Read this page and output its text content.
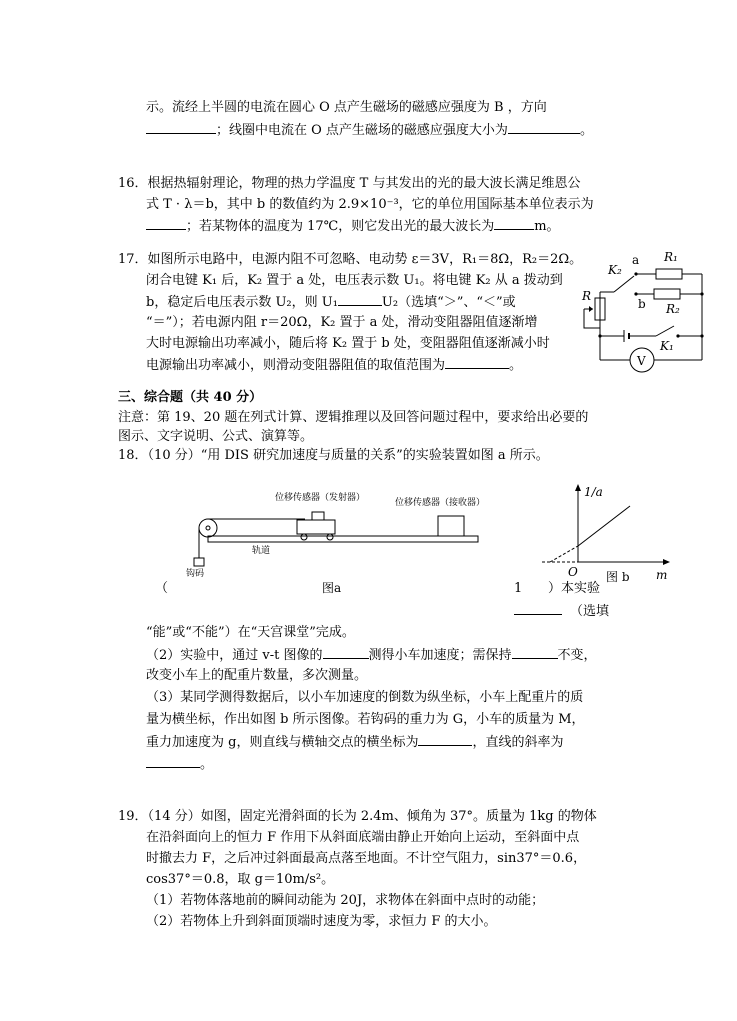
示。流经上半圆的电流在圆心 O 点产生磁场的磁感应强度为 B ，方向
；线圈中电流在 O 点产生磁场的磁感应强度大小为	。
16．根据热辐射理论，物理的热力学温度 T 与其发出的光的最大波长满足维恩公
式 T · λ＝b，其中 b 的数值约为 2.9×10⁻³，它的单位用国际基本单位表示为
；若某物体的温度为 17℃，则它发出光的最大波长为	m。
17．如图所示电路中，电源内阻不可忽略、电动势 ε＝3V，R₁＝8Ω，R₂＝2Ω。
闭合电键 K₁ 后，K₂ 置于 a 处，电压表示数 U₁。将电键 K₂ 从 a 拨动到
b，稳定后电压表示数 U₂，则 U₁	U₂（选填“＞”、“＜”或
“＝”）；若电源内阻 r＝20Ω，K₂ 置于 a 处，滑动变阻器阻值逐渐增
大时电源输出功率减小，随后将 K₂ 置于 b 处，变阻器阻值逐渐减小时
电源输出功率减小，则滑动变阻器阻值的取值范围为	。
a R₁
K₂
b R₂
R
K₁
V
三、综合题（共 40 分）
注意：第 19、20 题在列式计算、逻辑推理以及回答问题过程中，要求给出必要的
图示、文字说明、公式、演算等。
18．（10 分）“用 DIS 研究加速度与质量的关系”的实验装置如图 a 所示。
位移传感器（发射器）	位移传感器（接收器）
轨道
钩码
图a
1/a
m
O 图 b
（	1 ）本实验
（选填
“能”或“不能”）在“天宫课堂”完成。
（2）实验中，通过 v-t 图像的	测得小车加速度；需保持	不变，
改变小车上的配重片数量，多次测量。
（3）某同学测得数据后，以小车加速度的倒数为纵坐标，小车上配重片的质
量为横坐标，作出如图 b 所示图像。若钩码的重力为 G，小车的质量为 M，
重力加速度为 g，则直线与横轴交点的横坐标为	，直线的斜率为
。
19．（14 分）如图，固定光滑斜面的长为 2.4m、倾角为 37°。质量为 1kg 的物体
在沿斜面向上的恒力 F 作用下从斜面底端由静止开始向上运动，至斜面中点
时撤去力 F，之后冲过斜面最高点落至地面。不计空气阻力，sin37°＝0.6，
cos37°＝0.8，取 g＝10m/s²。
（1）若物体落地前的瞬间动能为 20J，求物体在斜面中点时的动能；
（2）若物体上升到斜面顶端时速度为零，求恒力 F 的大小。
